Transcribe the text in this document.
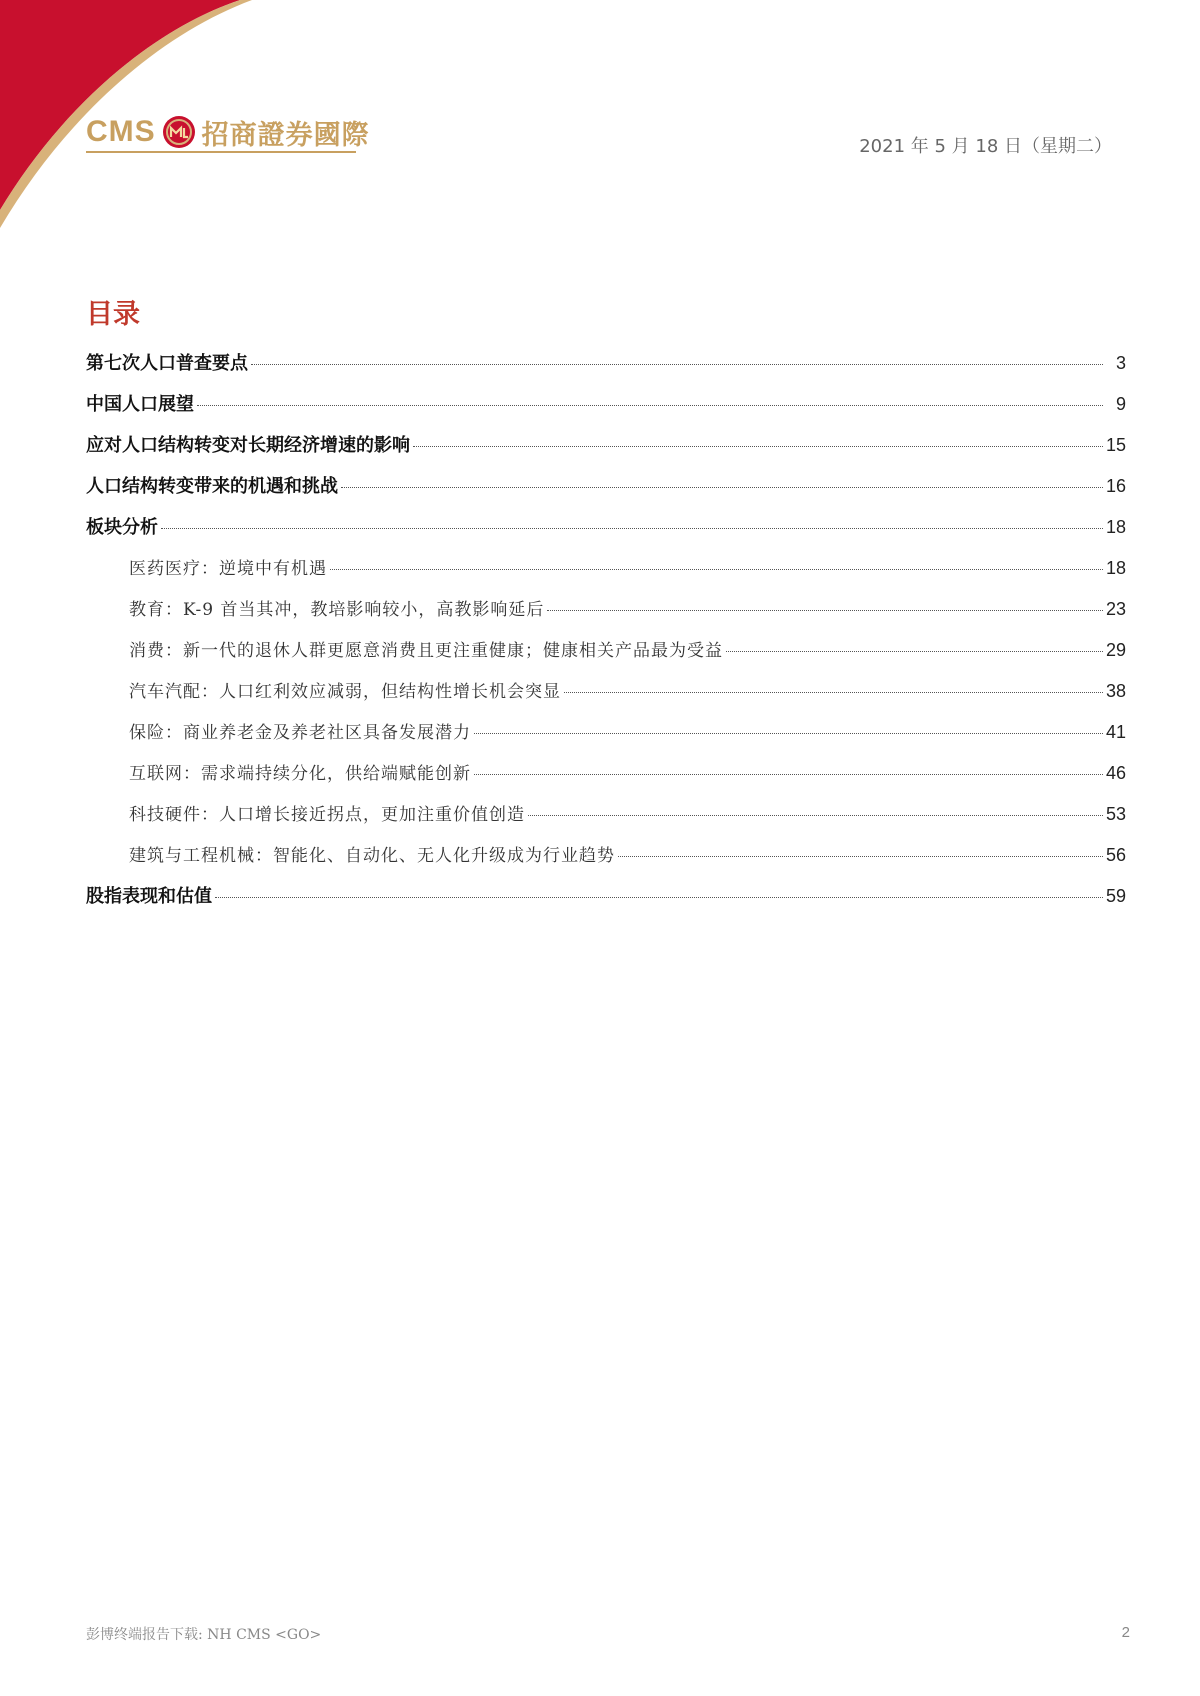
CMS 招商證券國際	2021 年 5 月 18 日（星期二）
目录
第七次人口普查要点	3
中国人口展望	9
应对人口结构转变对长期经济增速的影响	15
人口结构转变带来的机遇和挑战	16
板块分析	18
医药医疗：逆境中有机遇	18
教育：K-9 首当其冲，教培影响较小，高教影响延后	23
消费：新一代的退休人群更愿意消费且更注重健康；健康相关产品最为受益	29
汽车汽配：人口红利效应减弱，但结构性增长机会突显	38
保险：商业养老金及养老社区具备发展潜力	41
互联网：需求端持续分化，供给端赋能创新	46
科技硬件：人口增长接近拐点，更加注重价值创造	53
建筑与工程机械：智能化、自动化、无人化升级成为行业趋势	56
股指表现和估值	59
彭博终端报告下载: NH CMS <GO>	2
